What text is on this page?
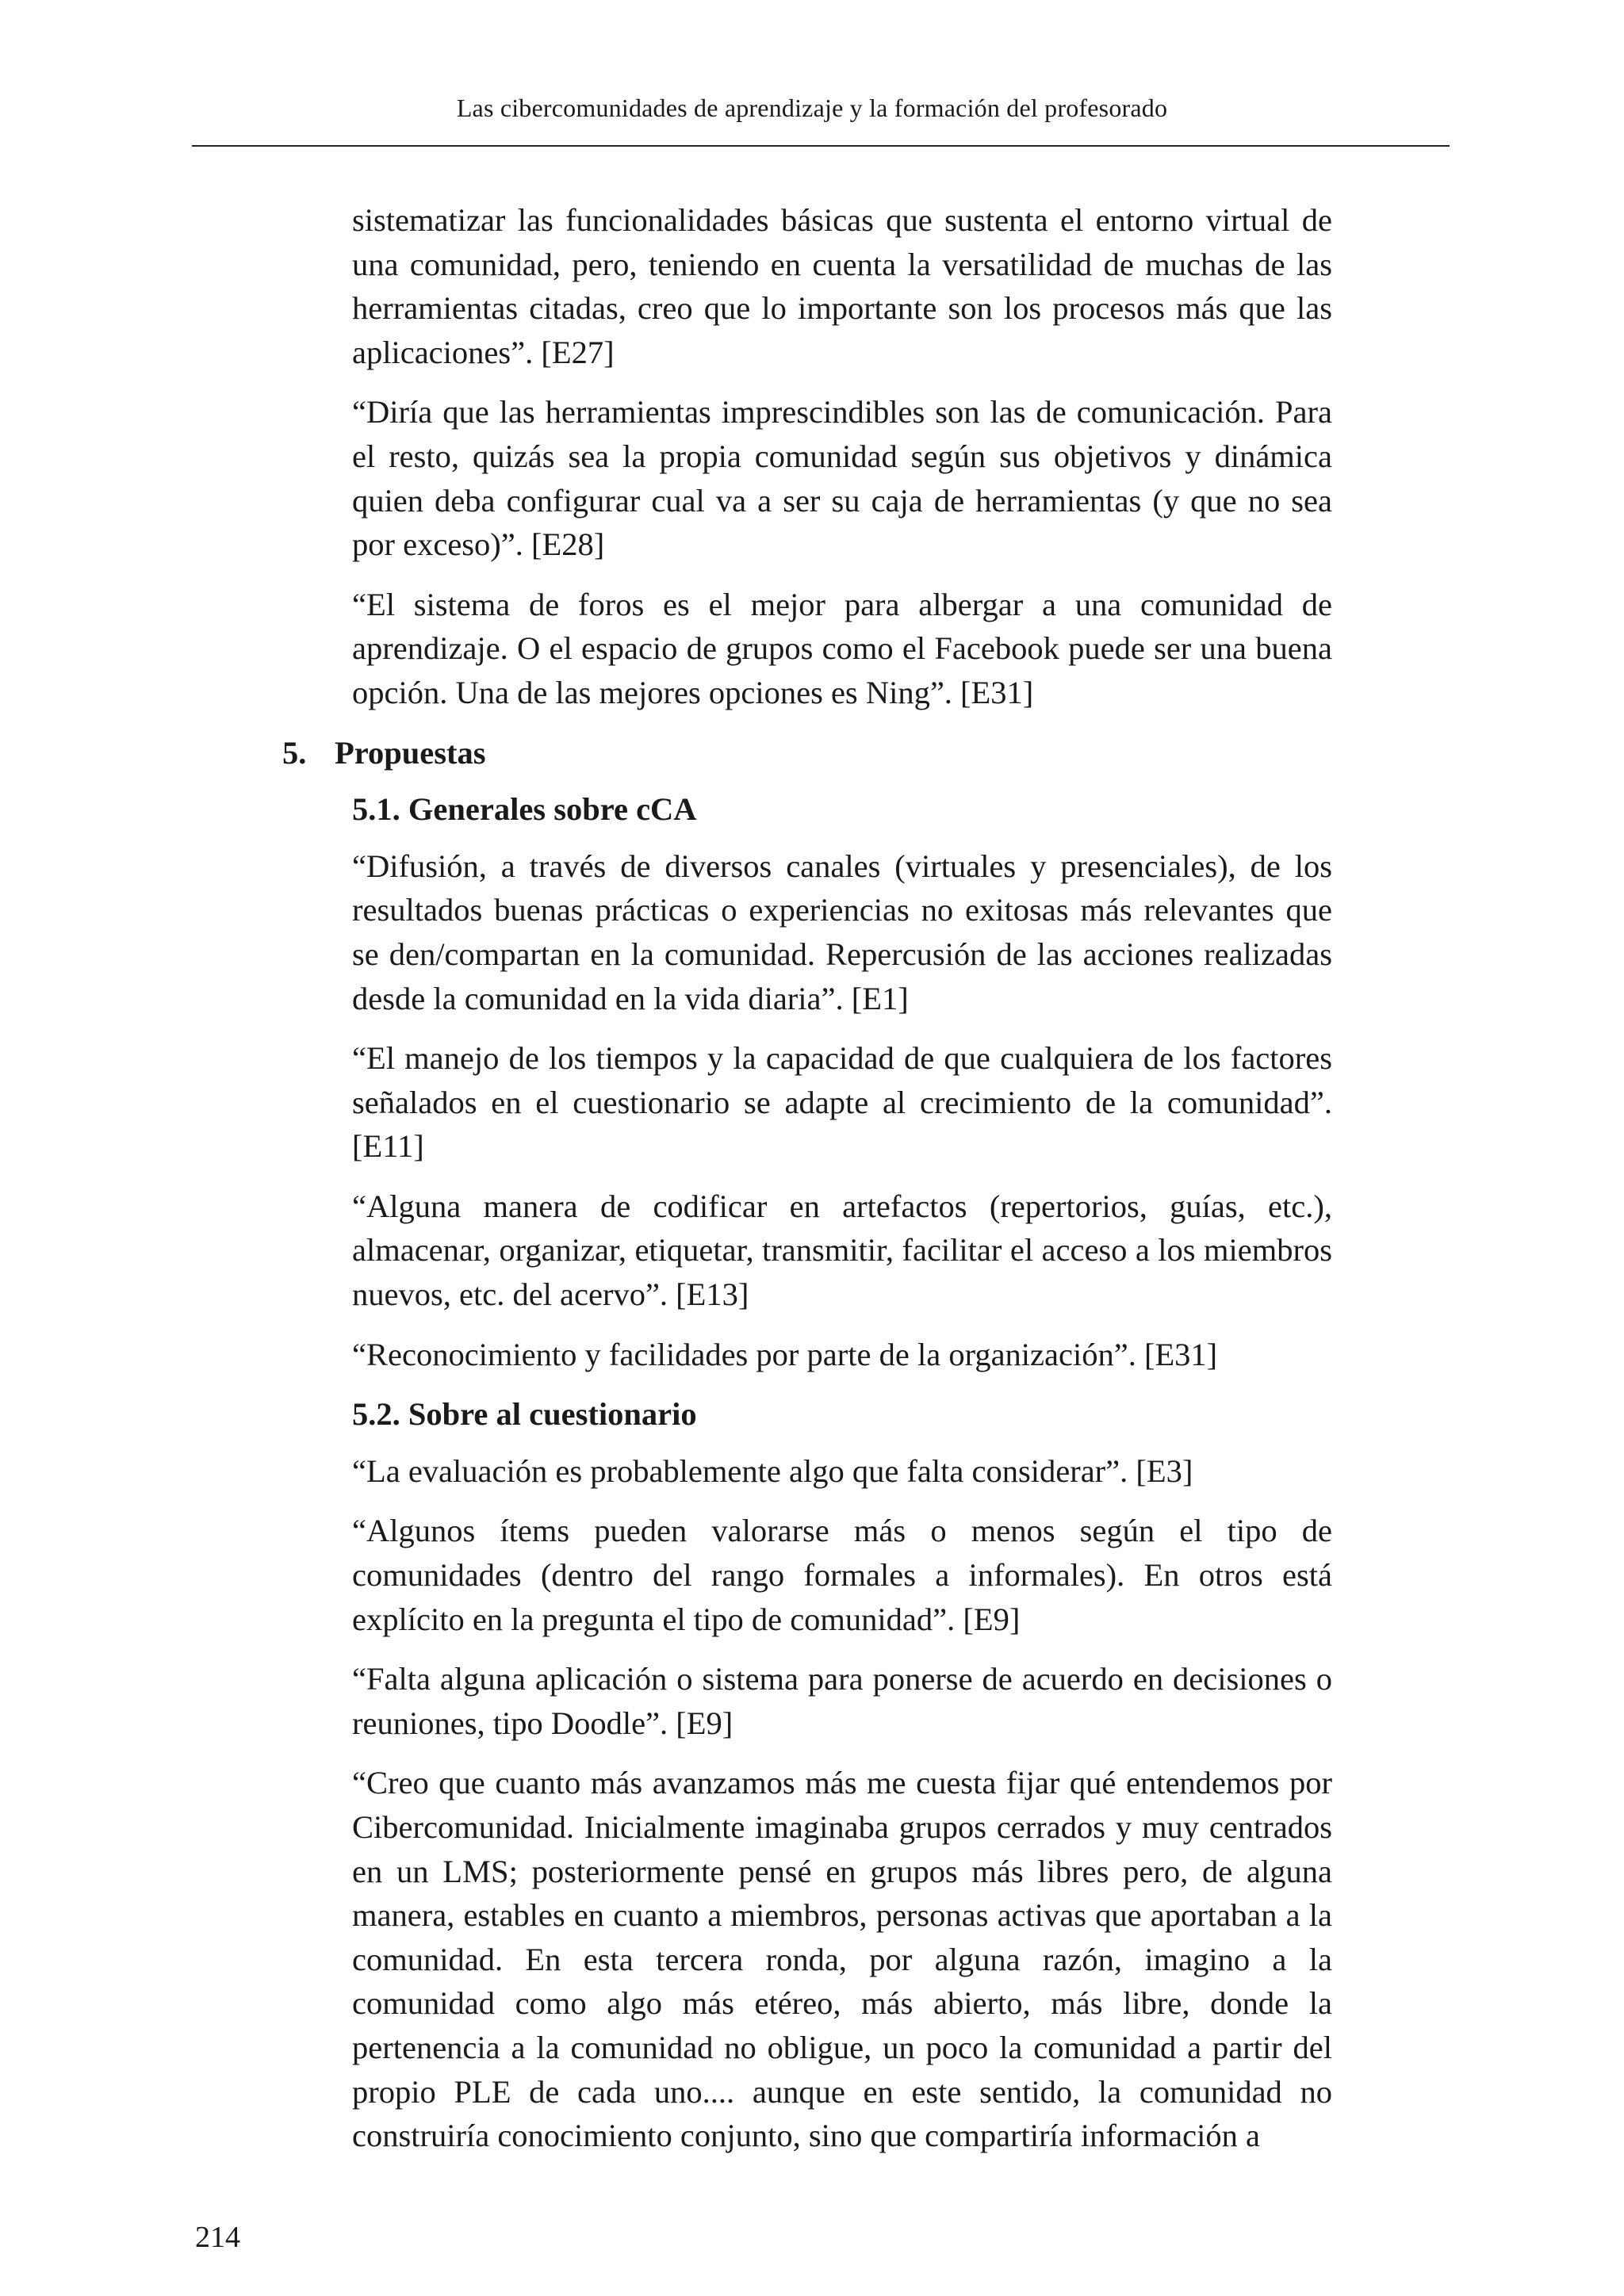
Las cibercomunidades de aprendizaje y la formación del profesorado

sistematizar las funcionalidades básicas que sustenta el entorno virtual de una comunidad, pero, teniendo en cuenta la versatilidad de muchas de las herramientas citadas, creo que lo importante son los procesos más que las aplicaciones”. [E27]

“Diría que las herramientas imprescindibles son las de comunicación. Para el resto, quizás sea la propia comunidad según sus objetivos y dinámica quien deba configurar cual va a ser su caja de herramientas (y que no sea por exceso)”. [E28]

“El sistema de foros es el mejor para albergar a una comunidad de aprendizaje. O el espacio de grupos como el Facebook puede ser una buena opción. Una de las mejores opciones es Ning”. [E31]

5. Propuestas
5.1. Generales sobre cCA

“Difusión, a través de diversos canales (virtuales y presenciales), de los resultados buenas prácticas o experiencias no exitosas más relevantes que se den/compartan en la comunidad. Repercusión de las acciones realizadas desde la comunidad en la vida diaria”. [E1]

“El manejo de los tiempos y la capacidad de que cualquiera de los factores señalados en el cuestionario se adapte al crecimiento de la comunidad”. [E11]

“Alguna manera de codificar en artefactos (repertorios, guías, etc.), almacenar, organizar, etiquetar, transmitir, facilitar el acceso a los miembros nuevos, etc. del acervo”. [E13]

“Reconocimiento y facilidades por parte de la organización”. [E31]

5.2. Sobre al cuestionario

“La evaluación es probablemente algo que falta considerar”. [E3]

“Algunos ítems pueden valorarse más o menos según el tipo de comunidades (dentro del rango formales a informales). En otros está explícito en la pregunta el tipo de comunidad”. [E9]

“Falta alguna aplicación o sistema para ponerse de acuerdo en decisiones o reuniones, tipo Doodle”. [E9]

“Creo que cuanto más avanzamos más me cuesta fijar qué entendemos por Cibercomunidad. Inicialmente imaginaba grupos cerrados y muy centrados en un LMS; posteriormente pensé en grupos más libres pero, de alguna manera, estables en cuanto a miembros, personas activas que aportaban a la comunidad. En esta tercera ronda, por alguna razón, imagino a la comunidad como algo más etéreo, más abierto, más libre, donde la pertenencia a la comunidad no obligue, un poco la comunidad a partir del propio PLE de cada uno.... aunque en este sentido, la comunidad no construiría conocimiento conjunto, sino que compartiría información a

214
